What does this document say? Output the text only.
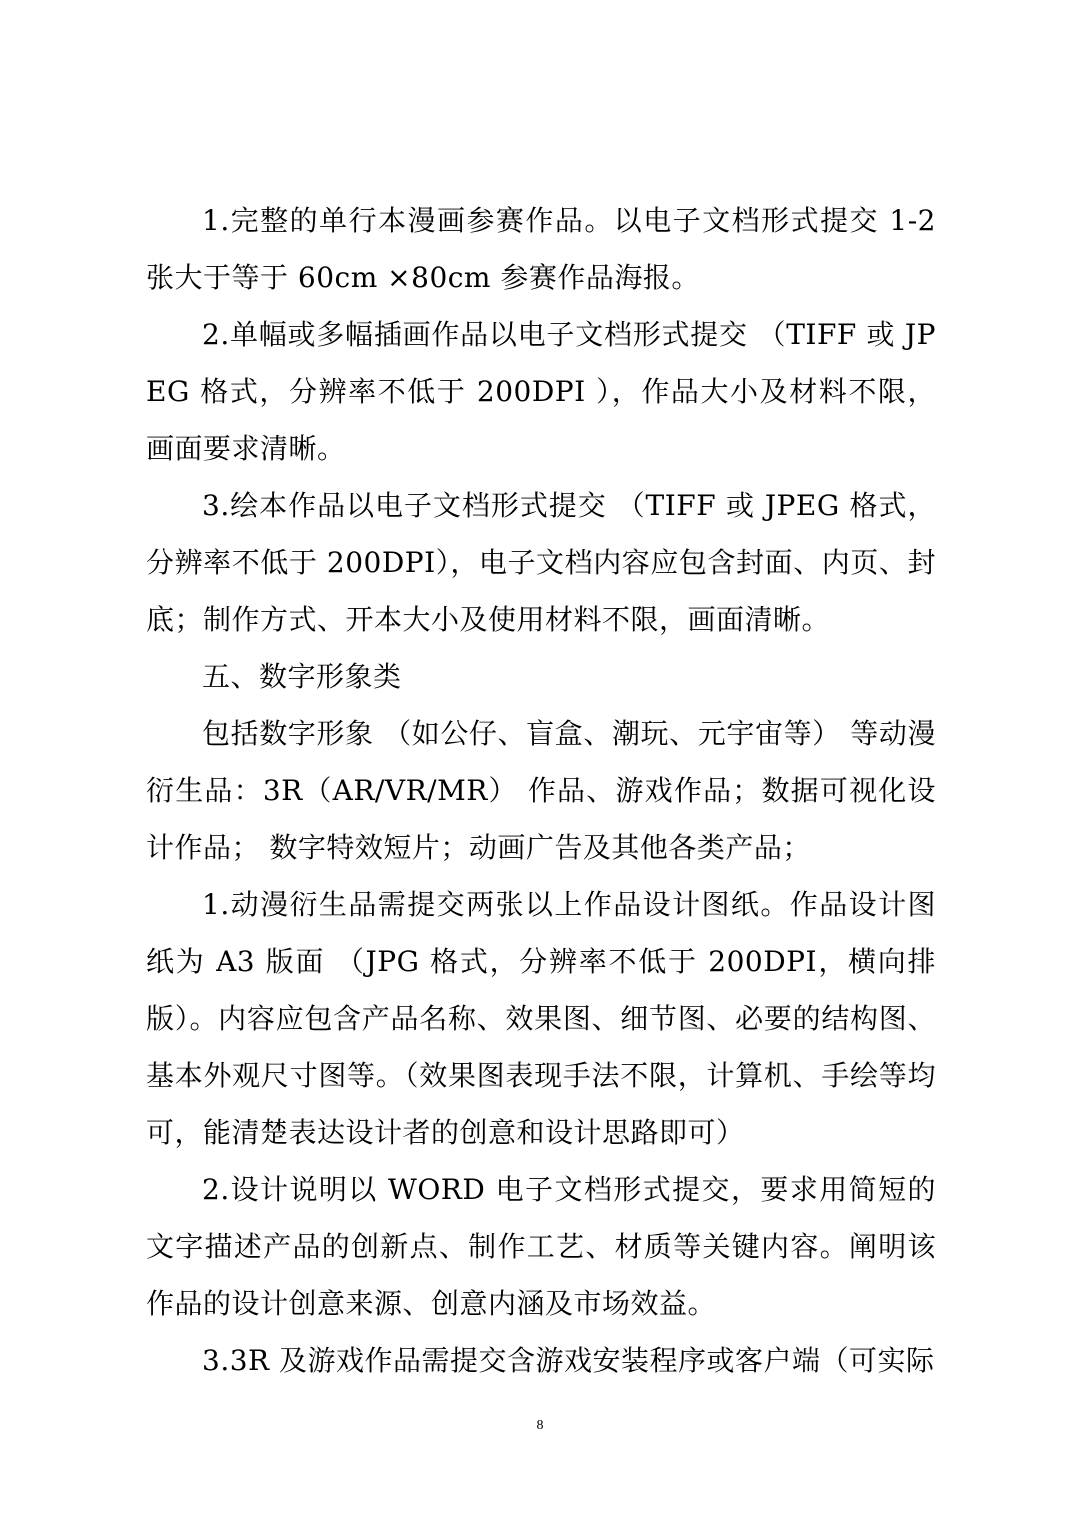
1.完整的单行本漫画参赛作品。以电子文档形式提交 1-2 张大于等于 60cm ×80cm 参赛作品海报。

2.单幅或多幅插画作品以电子文档形式提交 （TIFF 或 JPEG 格式，分辨率不低于 200DPI ），作品大小及材料不限，画面要求清晰。

3.绘本作品以电子文档形式提交 （TIFF 或 JPEG 格式，分辨率不低于 200DPI），电子文档内容应包含封面、内页、封底；制作方式、开本大小及使用材料不限，画面清晰。

五、数字形象类

包括数字形象 （如公仔、盲盒、潮玩、元宇宙等） 等动漫衍生品：3R（AR/VR/MR） 作品、游戏作品；数据可视化设计作品； 数字特效短片；动画广告及其他各类产品；

1.动漫衍生品需提交两张以上作品设计图纸。作品设计图纸为 A3 版面 （JPG 格式，分辨率不低于 200DPI，横向排版）。内容应包含产品名称、效果图、细节图、必要的结构图、基本外观尺寸图等。（效果图表现手法不限，计算机、手绘等均可，能清楚表达设计者的创意和设计思路即可）

2.设计说明以 WORD 电子文档形式提交，要求用简短的文字描述产品的创新点、制作工艺、材质等关键内容。阐明该作品的设计创意来源、创意内涵及市场效益。

3.3R 及游戏作品需提交含游戏安装程序或客户端（可实际

8
